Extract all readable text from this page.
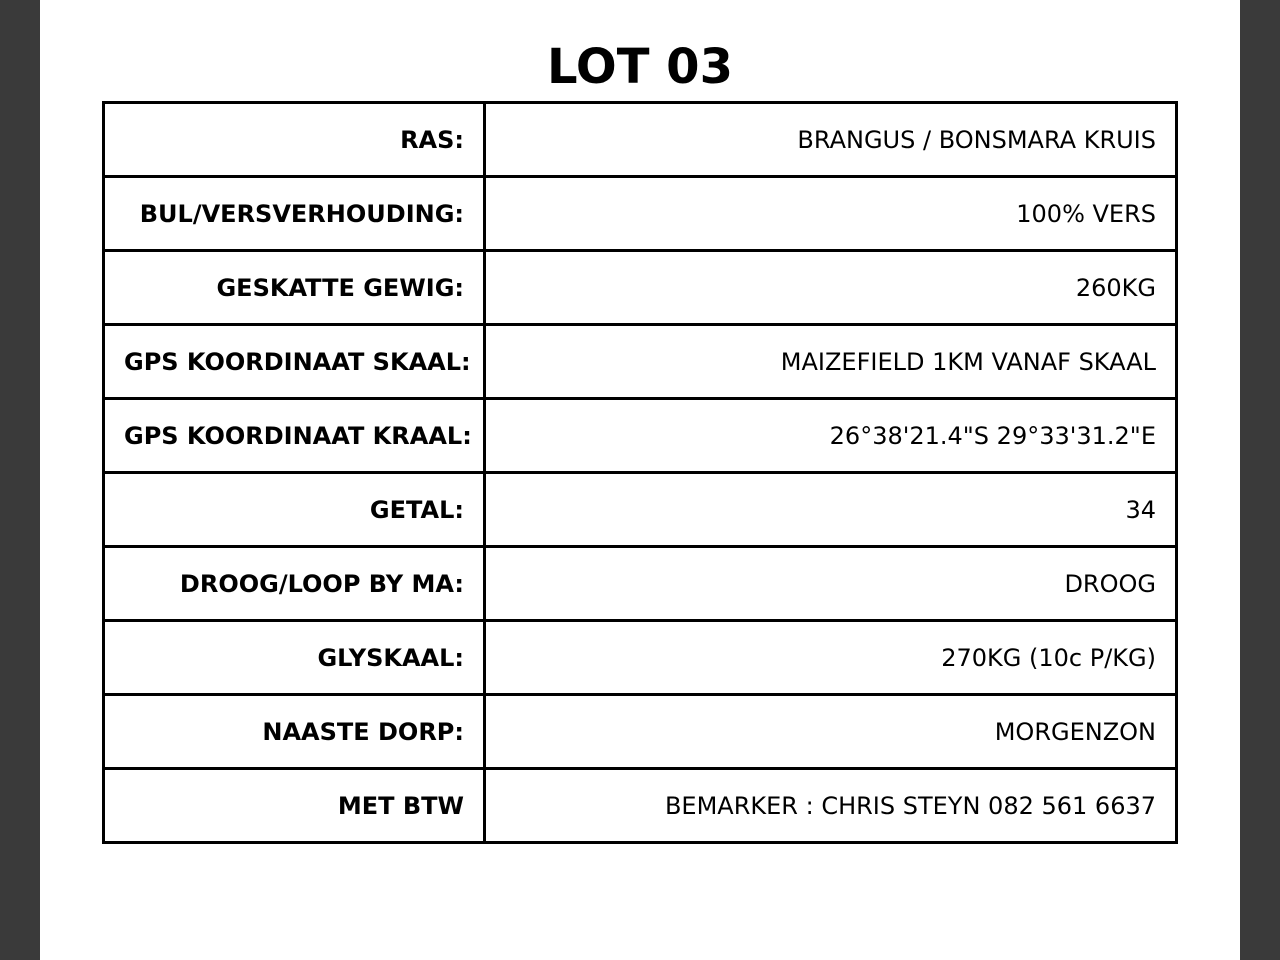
LOT 03
RAS:	BRANGUS / BONSMARA KRUIS
BUL/VERSVERHOUDING:	100% VERS
GESKATTE GEWIG:	260KG
GPS KOORDINAAT SKAAL:	MAIZEFIELD 1KM VANAF SKAAL
GPS KOORDINAAT KRAAL:	26°38'21.4"S 29°33'31.2"E
GETAL:	34
DROOG/LOOP BY MA:	DROOG
GLYSKAAL:	270KG (10c P/KG)
NAASTE DORP:	MORGENZON
MET BTW	BEMARKER : CHRIS STEYN 082 561 6637
